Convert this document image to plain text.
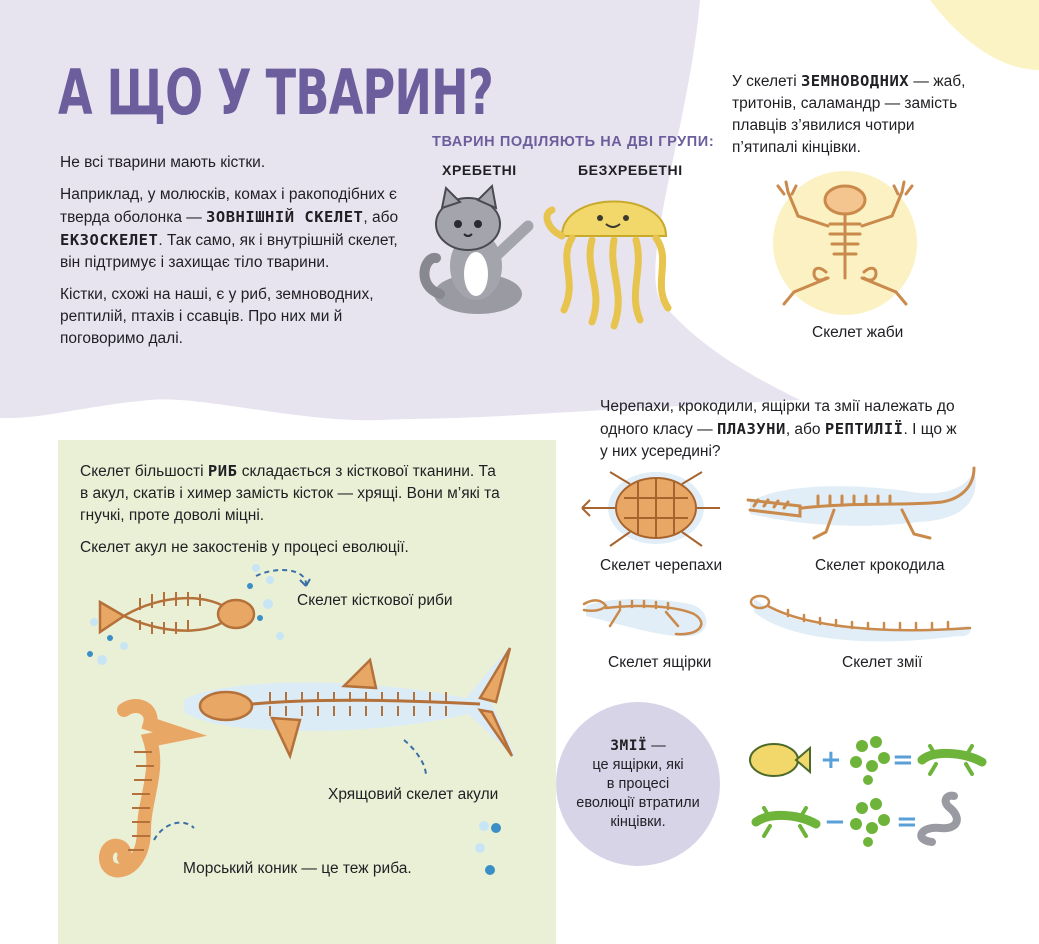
А ЩО У ТВАРИН?

Не всі тварини мають кістки.

Наприклад, у молюсків, комах і ракоподібних є тверда оболонка — ЗОВНІШНІЙ СКЕЛЕТ, або ЕКЗОСКЕЛЕТ. Так само, як і внутрішній скелет, він підтримує і захищає тіло тварини.

Кістки, схожі на наші, є у риб, земноводних, рептилій, птахів і ссавців. Про них ми й поговоримо далі.

ТВАРИН ПОДІЛЯЮТЬ НА ДВІ ГРУПИ:
ХРЕБЕТНІ	БЕЗХРЕБЕТНІ
У скелеті ЗЕМНОВОДНИХ — жаб, тритонів, саламандр — замість плавців з’явилися чотири п’ятипалі кінцівки.
Скелет жаби
Черепахи, крокодили, ящірки та змії належать до одного класу — ПЛАЗУНИ, або РЕПТИЛІЇ. І що ж у них усередині?
Скелет черепахи	Скелет крокодила
Скелет ящірки	Скелет змії
ЗМІЇ —
це ящірки, які
в процесі
еволюції втратили
кінцівки.
+ =
− =

Скелет більшості РИБ складається з кісткової тканини. Та в акул, скатів і химер замість кісток — хрящі. Вони м’які та гнучкі, проте доволі міцні.

Скелет акул не закостенів у процесі еволюції.

Скелет кісткової риби
Хрящовий скелет акули
Морський коник — це теж риба.
